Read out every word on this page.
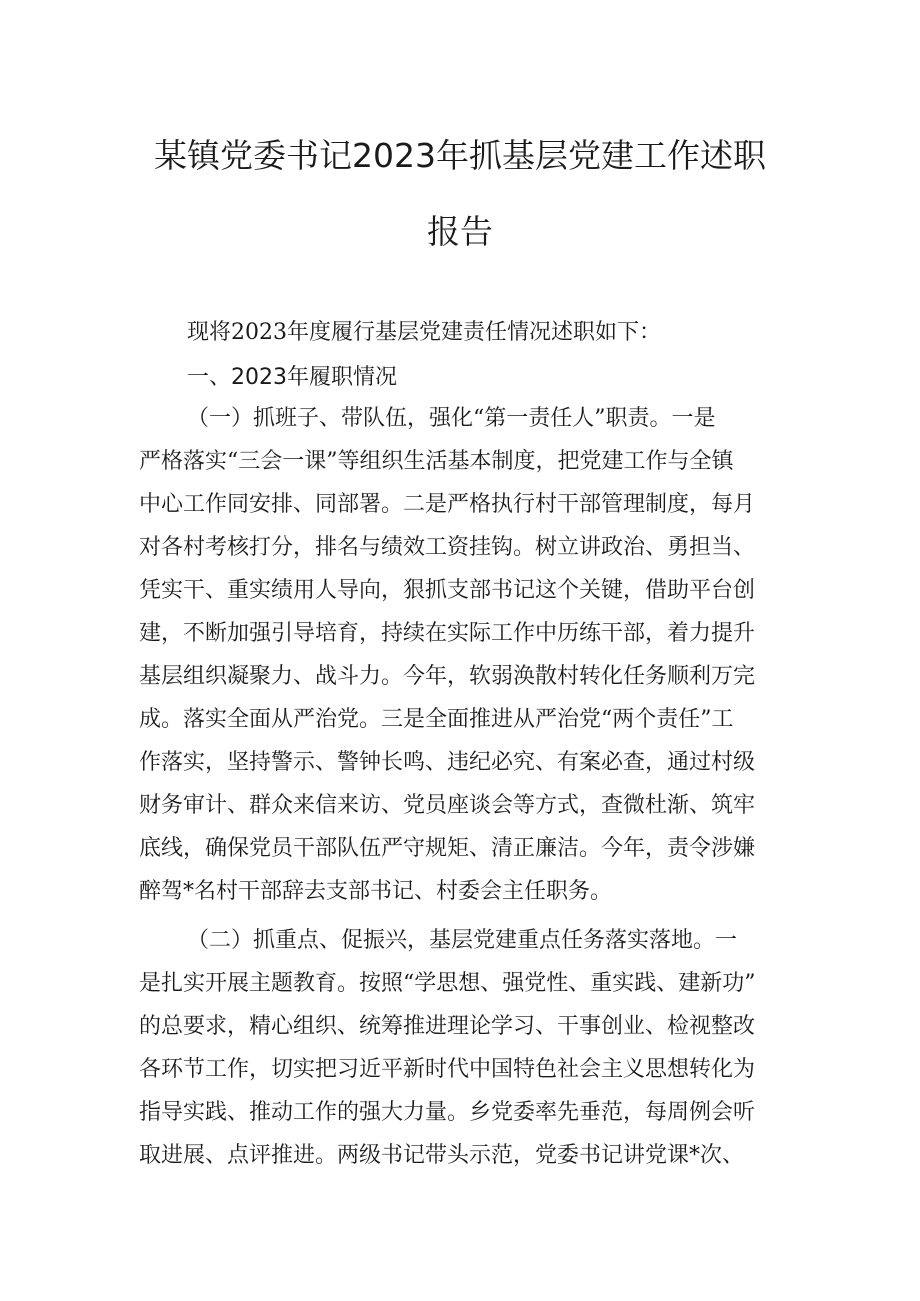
某镇党委书记2023年抓基层党建工作述职
报告
现将2023年度履行基层党建责任情况述职如下：
一、2023年履职情况
（一）抓班子、带队伍，强化“第一责任人”职责。一是
严格落实“三会一课”等组织生活基本制度，把党建工作与全镇
中心工作同安排、同部署。二是严格执行村干部管理制度，每月
对各村考核打分，排名与绩效工资挂钩。树立讲政治、勇担当、
凭实干、重实绩用人导向，狠抓支部书记这个关键，借助平台创
建，不断加强引导培育，持续在实际工作中历练干部，着力提升
基层组织凝聚力、战斗力。今年，软弱涣散村转化任务顺利万完
成。落实全面从严治党。三是全面推进从严治党“两个责任”工
作落实，坚持警示、警钟长鸣、违纪必究、有案必查，通过村级
财务审计、群众来信来访、党员座谈会等方式，查微杜渐、筑牢
底线，确保党员干部队伍严守规矩、清正廉洁。今年，责令涉嫌
醉驾*名村干部辞去支部书记、村委会主任职务。
（二）抓重点、促振兴，基层党建重点任务落实落地。一
是扎实开展主题教育。按照“学思想、强党性、重实践、建新功”
的总要求，精心组织、统筹推进理论学习、干事创业、检视整改
各环节工作，切实把习近平新时代中国特色社会主义思想转化为
指导实践、推动工作的强大力量。乡党委率先垂范，每周例会听
取进展、点评推进。两级书记带头示范，党委书记讲党课*次、
